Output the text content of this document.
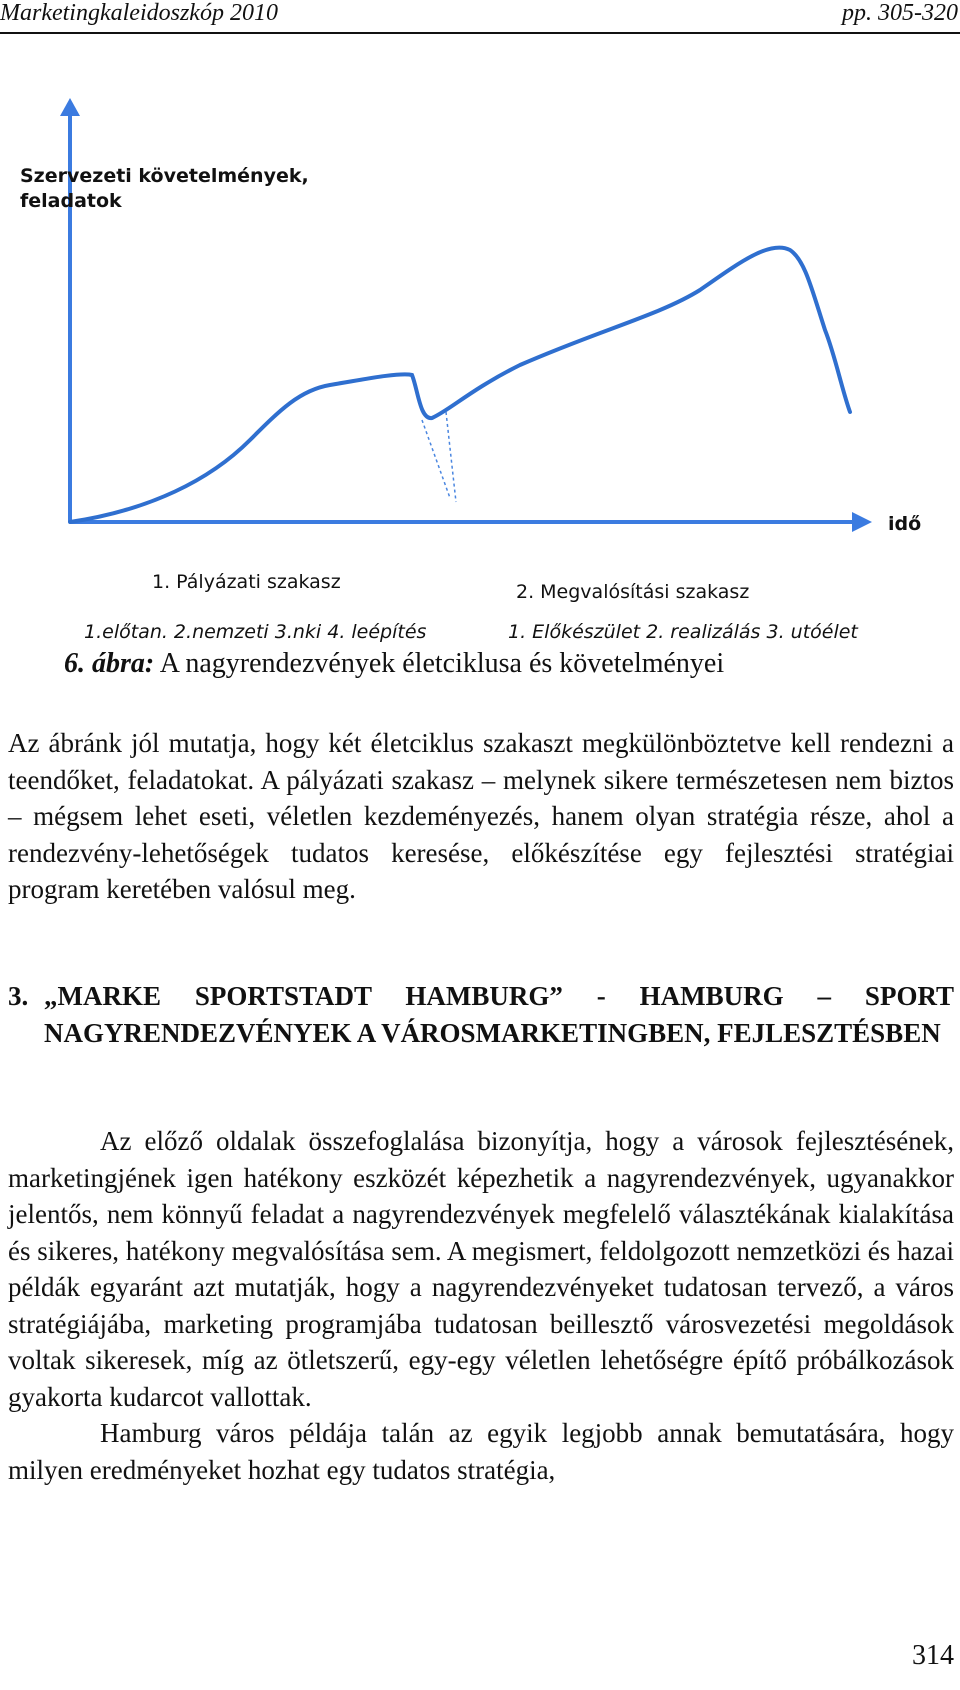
Marketingkaleidoszkóp 2010	pp. 305-320
Szervezeti követelmények,
feladatok
idő
1. Pályázati szakasz	2. Megvalósítási szakasz
1.előtan. 2.nemzeti 3.nki 4. leépítés	1. Előkészület 2. realizálás 3. utóélet
6. ábra: A nagyrendezvények életciklusa és követelményei

Az ábránk jól mutatja, hogy két életciklus szakaszt megkülönböztetve kell rendezni a teendőket, feladatokat. A pályázati szakasz – melynek sikere természetesen nem biztos – mégsem lehet eseti, véletlen kezdeményezés, hanem olyan stratégia része, ahol a rendezvény-lehetőségek tudatos keresése, előkészítése egy fejlesztési stratégiai program keretében valósul meg.

3. „MARKE SPORTSTADT HAMBURG” - HAMBURG – SPORT NAGYRENDEZVÉNYEK A VÁROSMARKETINGBEN, FEJLESZTÉSBEN

Az előző oldalak összefoglalása bizonyítja, hogy a városok fejlesztésének, marketingjének igen hatékony eszközét képezhetik a nagyrendezvények, ugyanakkor jelentős, nem könnyű feladat a nagyrendezvények megfelelő választékának kialakítása és sikeres, hatékony megvalósítása sem. A megismert, feldolgozott nemzetközi és hazai példák egyaránt azt mutatják, hogy a nagyrendezvényeket tudatosan tervező, a város stratégiájába, marketing programjába tudatosan beillesztő városvezetési megoldások voltak sikeresek, míg az ötletszerű, egy-egy véletlen lehetőségre építő próbálkozások gyakorta kudarcot vallottak.

Hamburg város példája talán az egyik legjobb annak bemutatására, hogy milyen eredményeket hozhat egy tudatos stratégia,

314
